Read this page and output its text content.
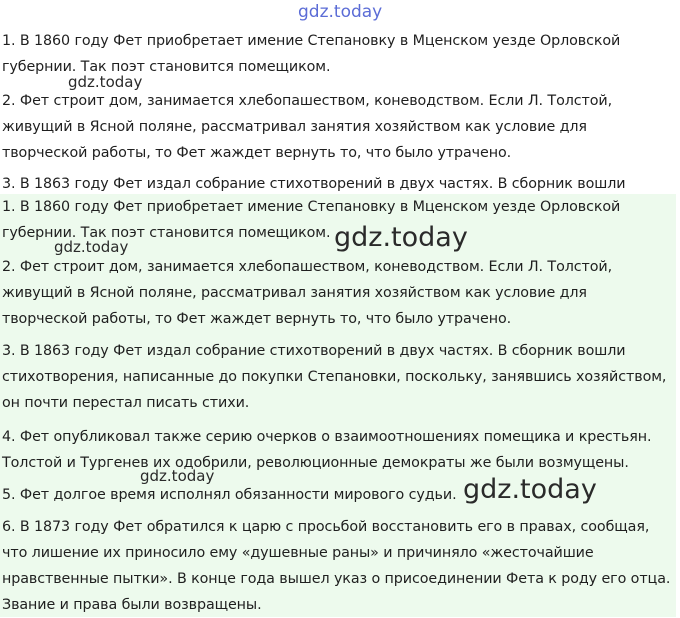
gdz.today

1. В 1860 году Фет приобретает имение Степановку в Мценском уезде Орловской губернии. Так поэт становится помещиком.

2. Фет строит дом, занимается хлебопашеством, коневодством. Если Л. Толстой, живущий в Ясной поляне, рассматривал занятия хозяйством как условие для творческой работы, то Фет жаждет вернуть то, что было утрачено.

3. В 1863 году Фет издал собрание стихотворений в двух частях. В сборник вошли

1. В 1860 году Фет приобретает имение Степановку в Мценском уезде Орловской губернии. Так поэт становится помещиком.

2. Фет строит дом, занимается хлебопашеством, коневодством. Если Л. Толстой, живущий в Ясной поляне, рассматривал занятия хозяйством как условие для творческой работы, то Фет жаждет вернуть то, что было утрачено.

3. В 1863 году Фет издал собрание стихотворений в двух частях. В сборник вошли стихотворения, написанные до покупки Степановки, поскольку, занявшись хозяйством, он почти перестал писать стихи.

4. Фет опубликовал также серию очерков о взаимоотношениях помещика и крестьян. Толстой и Тургенев их одобрили, революционные демократы же были возмущены.

5. Фет долгое время исполнял обязанности мирового судьи.

6. В 1873 году Фет обратился к царю с просьбой восстановить его в правах, сообщая, что лишение их приносило ему «душевные раны» и причиняло «жесточайшие нравственные пытки». В конце года вышел указ о присоединении Фета к роду его отца. Звание и права были возвращены.

gdz.today
gdz.today
gdz.today
gdz.today	gdz.today
